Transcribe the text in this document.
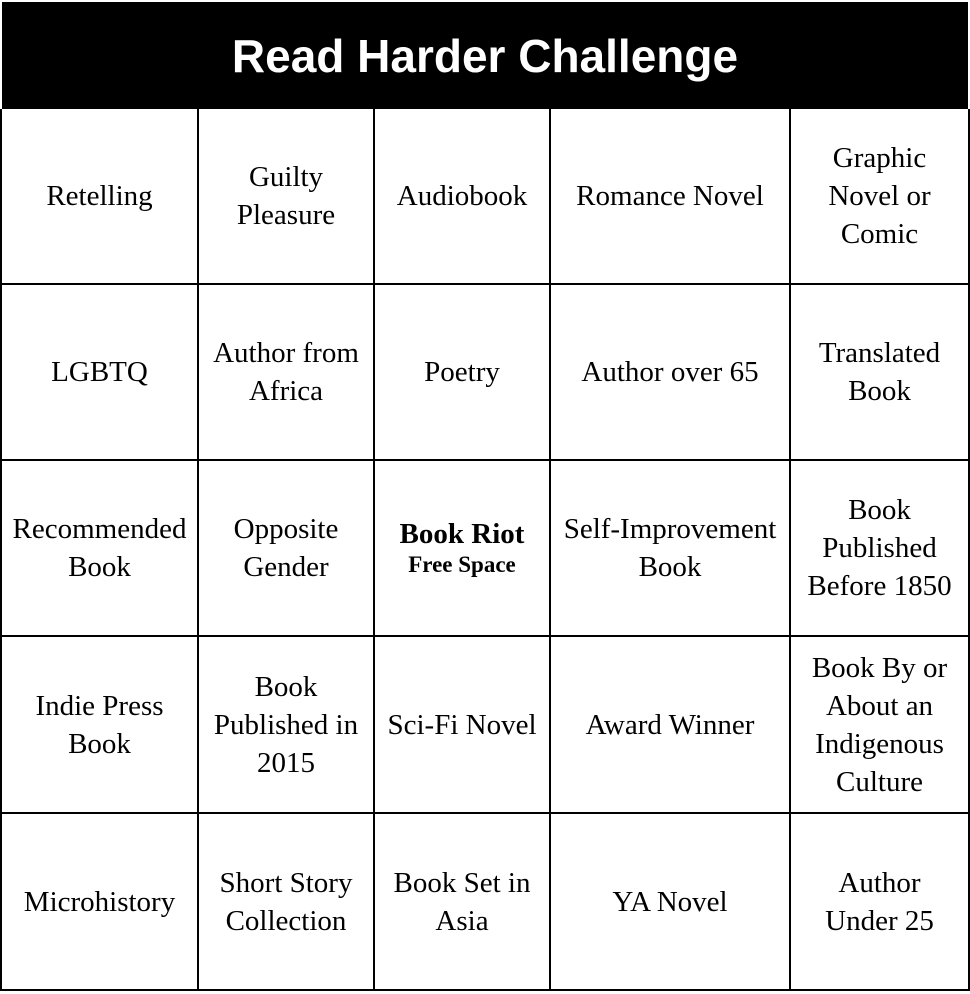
Read Harder Challenge
Retelling
Guilty
Pleasure
Audiobook Romance Novel
Graphic
Novel or
Comic
LGBTQ
Author from
Africa
Poetry	Author over 65
Translated
Book
Recommended
Book
Opposite
Gender
Book Riot
Free Space
Self-Improvement
Book
Book
Published
Before 1850
Indie Press
Book
Book
Published in
2015
Sci-Fi Novel Award Winner
Book By or
About an
Indigenous
Culture
Microhistory
Short Story
Collection
Book Set in
Asia
YA Novel
Author
Under 25
